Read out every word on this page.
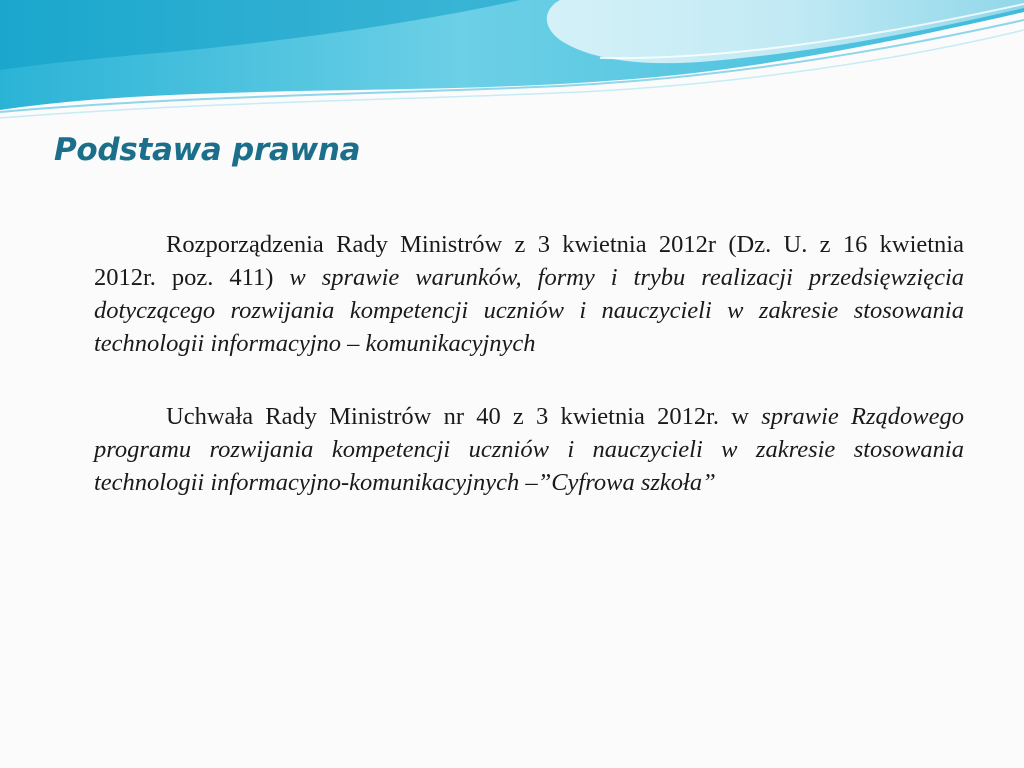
Podstawa prawna

Rozporządzenia Rady Ministrów z 3 kwietnia 2012r (Dz. U. z 16 kwietnia 2012r. poz. 411) w sprawie warunków, formy i trybu realizacji przedsięwzięcia dotyczącego rozwijania kompetencji uczniów i nauczycieli w zakresie stosowania technologii informacyjno – komunikacyjnych

Uchwała Rady Ministrów nr 40 z 3 kwietnia 2012r. w sprawie Rządowego programu rozwijania kompetencji uczniów i nauczycieli w zakresie stosowania technologii informacyjno-komunikacyjnych –”Cyfrowa szkoła”
